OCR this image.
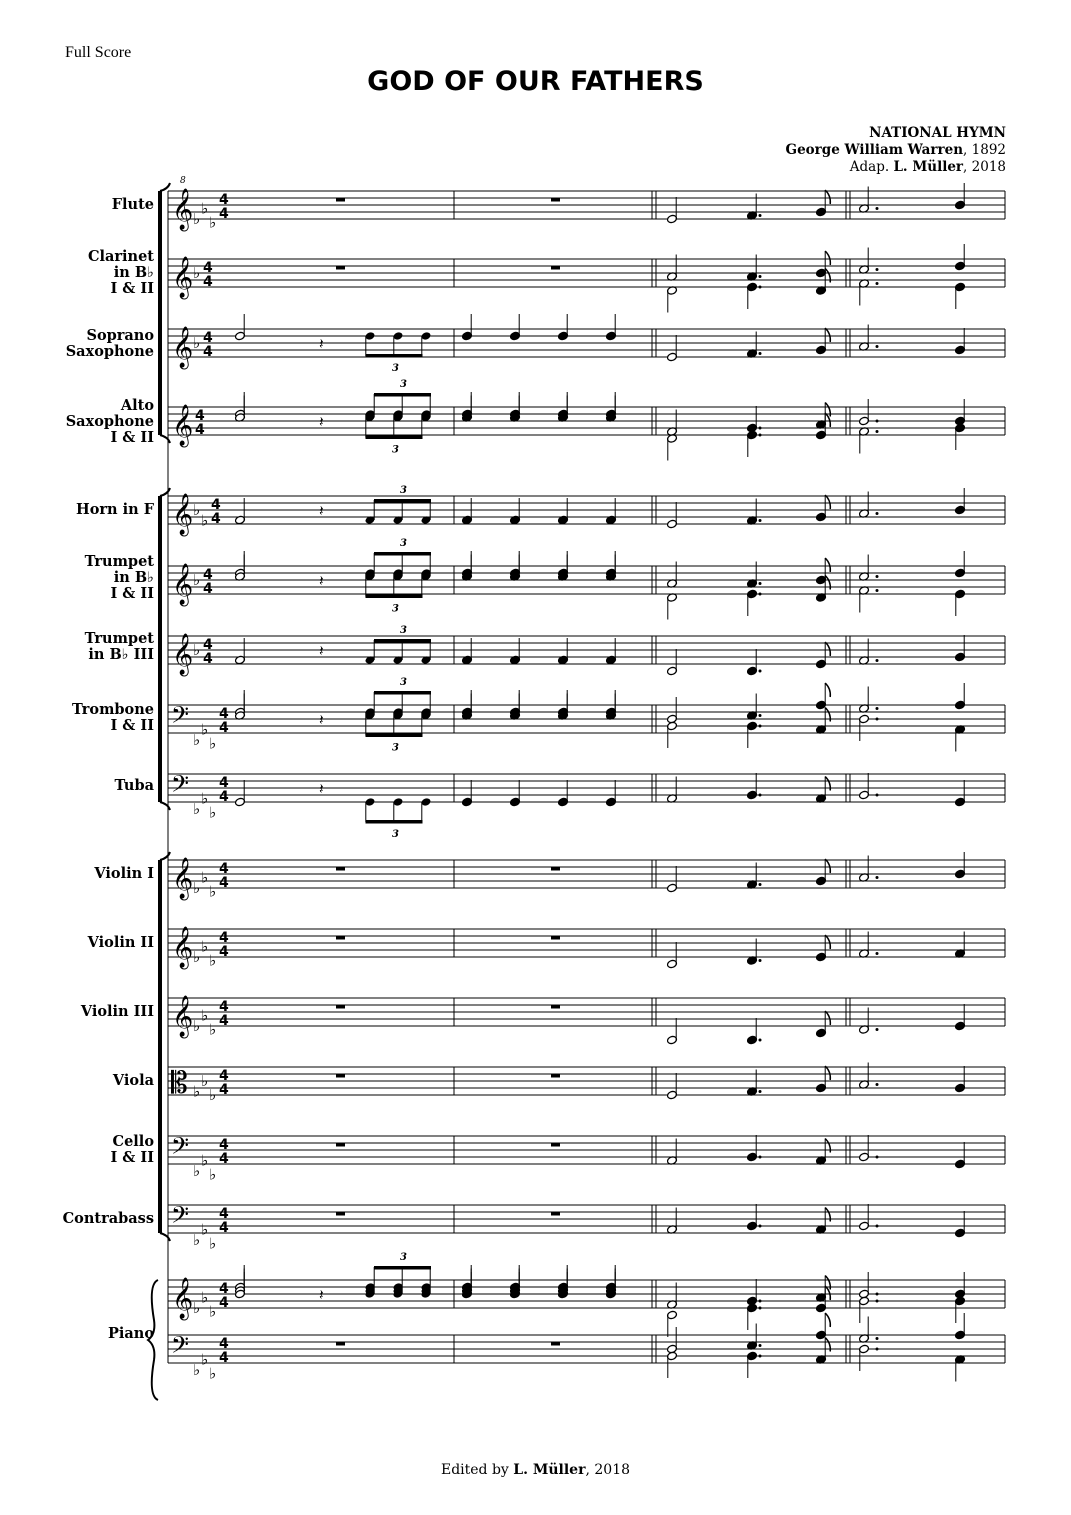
Full Score
GOD OF OUR FATHERS
NATIONAL HYMN
George William Warren, 1892
Adap. L. Müller, 2018
Edited by L. Müller, 2018
Flute
Clarinet
in B♭
I & II
Soprano
Saxophone
Alto
Saxophone
I & II
Horn in F
Trumpet
in B♭
I & II
Trumpet
in B♭ III
Trombone
I & II
Tuba
Violin I
Violin II
Violin III
Viola
Cello
I & II
Contrabass
Piano
𝄞
8
♭
♭
♭
4
4
𝄞 ♭ 4
4
𝄞 ♭ 4
4
𝄞 4
4
𝄞 ♭
♭
4
4
𝄞 ♭ 4
4
𝄞 ♭ 4
4
𝄢
♭
♭
♭
4
4
𝄢
♭
♭
♭
4
4
𝄞 ♭
♭
♭
4
4
𝄞 ♭
♭
♭
4
4
𝄞 ♭
♭
♭
4
4
𝄡 ♭
♭
♭
4
4
𝄢
♭
♭
♭
4
4
𝄢
♭
♭
♭
4
4
𝄞 ♭
♭
♭
4
4
𝄢
♭
♭
♭
4
4
𝄽
3
𝄽
3
3
𝄽
3
𝄽
3
3
𝄽
3
𝄽
3
3
𝄽
3
𝄽
3
